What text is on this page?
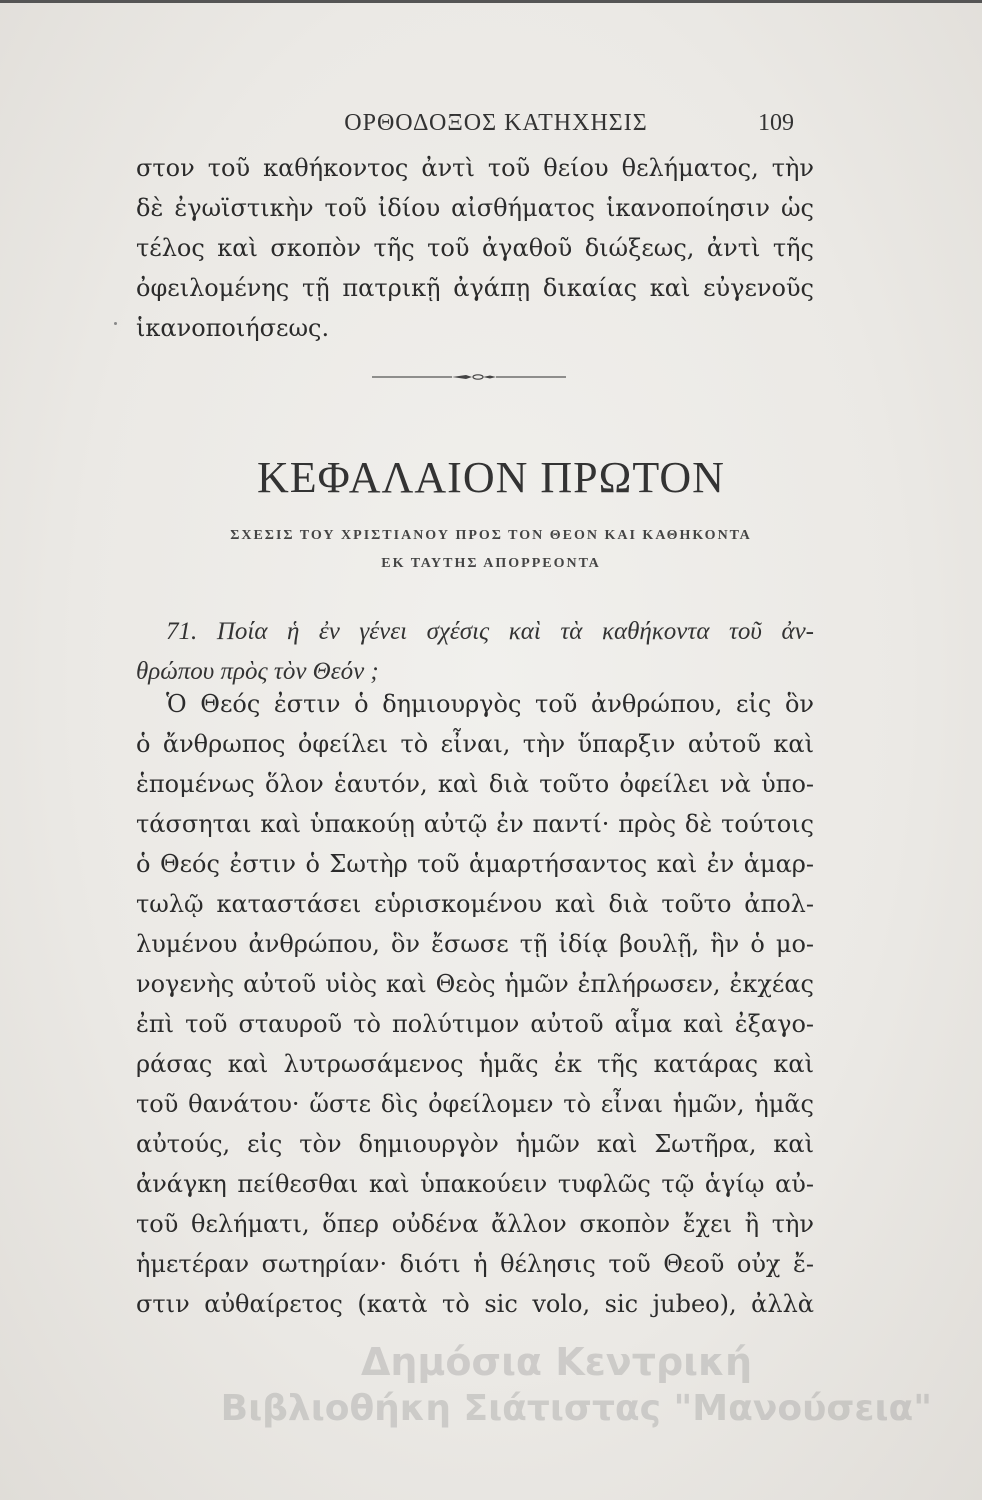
ΟΡΘΟΔΟΞΟΣ ΚΑΤΗΧΗΣΙΣ	109
στον τοῦ καθήκοντος ἀντὶ τοῦ θείου θελήματος, τὴν
δὲ ἐγωϊστικὴν τοῦ ἰδίου αἰσθήματος ἱκανοποίησιν ὡς
τέλος καὶ σκοπὸν τῆς τοῦ ἀγαθοῦ διώξεως, ἀντὶ τῆς
ὀφειλομένης τῇ πατρικῇ ἀγάπῃ δικαίας καὶ εὐγενοῦς
ἱκανοποιήσεως.
ΚΕΦΑΛΑΙΟΝ ΠΡΩΤΟΝ
ΣΧΕΣΙΣ ΤΟΥ ΧΡΙΣΤΙΑΝΟΥ ΠΡΟΣ ΤΟΝ ΘΕΟΝ ΚΑΙ ΚΑΘΗΚΟΝΤΑ
ΕΚ ΤΑΥΤΗΣ ΑΠΟΡΡΕΟΝΤΑ
71. Ποία ἡ ἐν γένει σχέσις καὶ τὰ καθήκοντα τοῦ ἀν-
θρώπου πρὸς τὸν Θεόν ;
Ὁ Θεός ἐστιν ὁ δημιουργὸς τοῦ ἀνθρώπου, εἰς ὃν
ὁ ἄνθρωπος ὀφείλει τὸ εἶναι, τὴν ὕπαρξιν αὐτοῦ καὶ
ἑπομένως ὅλον ἑαυτόν, καὶ διὰ τοῦτο ὀφείλει νὰ ὑπο-
τάσσηται καὶ ὑπακούῃ αὐτῷ ἐν παντί· πρὸς δὲ τούτοις
ὁ Θεός ἐστιν ὁ Σωτὴρ τοῦ ἁμαρτήσαντος καὶ ἐν ἁμαρ-
τωλῷ καταστάσει εὑρισκομένου καὶ διὰ τοῦτο ἀπολ-
λυμένου ἀνθρώπου, ὃν ἔσωσε τῇ ἰδίᾳ βουλῇ, ἣν ὁ μο-
νογενὴς αὐτοῦ υἱὸς καὶ Θεὸς ἡμῶν ἐπλήρωσεν, ἐκχέας
ἐπὶ τοῦ σταυροῦ τὸ πολύτιμον αὐτοῦ αἷμα καὶ ἐξαγο-
ράσας καὶ λυτρωσάμενος ἡμᾶς ἐκ τῆς κατάρας καὶ
τοῦ θανάτου· ὥστε δὶς ὀφείλομεν τὸ εἶναι ἡμῶν, ἡμᾶς
αὐτούς, εἰς τὸν δημιουργὸν ἡμῶν καὶ Σωτῆρα, καὶ
ἀνάγκη πείθεσθαι καὶ ὑπακούειν τυφλῶς τῷ ἁγίῳ αὐ-
τοῦ θελήματι, ὅπερ οὐδένα ἄλλον σκοπὸν ἔχει ἢ τὴν
ἡμετέραν σωτηρίαν· διότι ἡ θέλησις τοῦ Θεοῦ οὐχ ἔ-
στιν αὐθαίρετος (κατὰ τὸ sic volo, sic jubeo), ἀλλὰ
Δημόσια Κεντρική
Βιβλιοθήκη Σιάτιστας "Μανούσεια"
